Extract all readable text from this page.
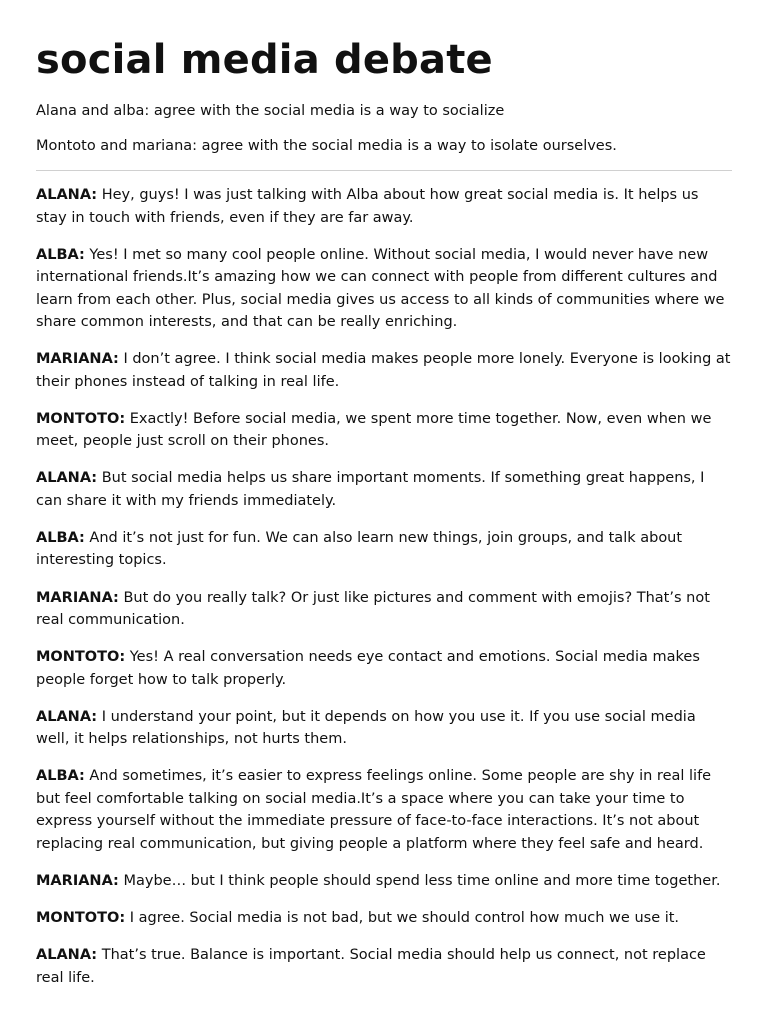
social media debate

Alana and alba: agree with the social media is a way to socialize

Montoto and mariana: agree with the social media is a way to isolate ourselves.

ALANA: Hey, guys! I was just talking with Alba about how great social media is. It helps us stay in touch with friends, even if they are far away.

ALBA: Yes! I met so many cool people online. Without social media, I would never have new international friends.It’s amazing how we can connect with people from different cultures and learn from each other. Plus, social media gives us access to all kinds of communities where we share common interests, and that can be really enriching.

MARIANA: I don’t agree. I think social media makes people more lonely. Everyone is looking at their phones instead of talking in real life.

MONTOTO: Exactly! Before social media, we spent more time together. Now, even when we meet, people just scroll on their phones.

ALANA: But social media helps us share important moments. If something great happens, I can share it with my friends immediately.

ALBA: And it’s not just for fun. We can also learn new things, join groups, and talk about interesting topics.

MARIANA: But do you really talk? Or just like pictures and comment with emojis? That’s not real communication.

MONTOTO: Yes! A real conversation needs eye contact and emotions. Social media makes people forget how to talk properly.

ALANA: I understand your point, but it depends on how you use it. If you use social media well, it helps relationships, not hurts them.

ALBA: And sometimes, it’s easier to express feelings online. Some people are shy in real life but feel comfortable talking on social media.It’s a space where you can take your time to express yourself without the immediate pressure of face-to-face interactions. It’s not about replacing real communication, but giving people a platform where they feel safe and heard.

MARIANA: Maybe… but I think people should spend less time online and more time together.

MONTOTO: I agree. Social media is not bad, but we should control how much we use it.

ALANA: That’s true. Balance is important. Social media should help us connect, not replace real life.
